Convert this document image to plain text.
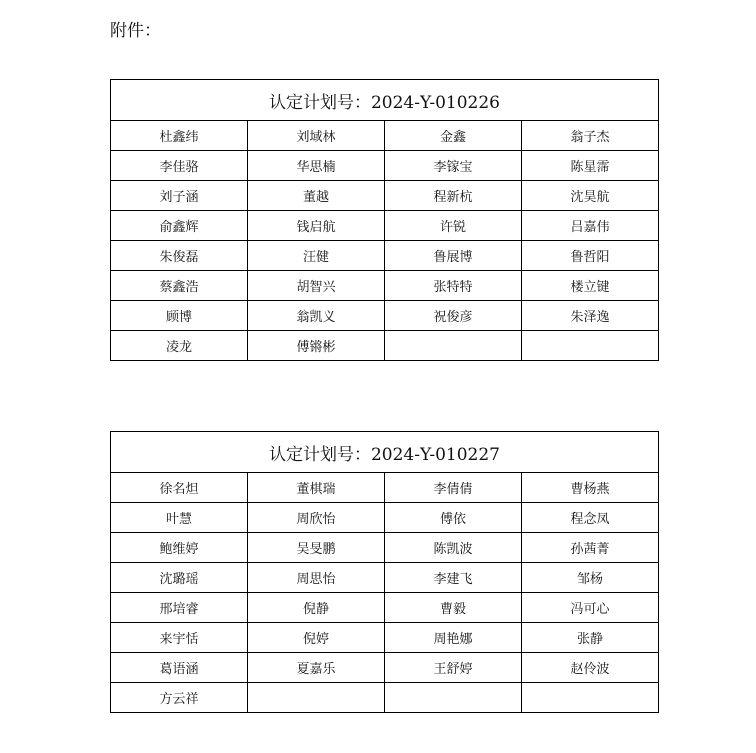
附件：
认定计划号：2024-Y-010226			
杜鑫纬	刘域林	金鑫	翁子杰
李佳骆	华思楠	李镓宝	陈星霈
刘子涵	董越	程新杭	沈昊航
俞鑫辉	钱启航	许锐	吕嘉伟
朱俊磊	汪健	鲁展博	鲁哲阳
蔡鑫浩	胡智兴	张特特	楼立键
顾博	翁凯义	祝俊彦	朱泽逸
凌龙	傅锵彬		
认定计划号：2024-Y-010227			
徐名炟	董棋瑞	李倩倩	曹杨燕
叶慧	周欣怡	傅依	程念凤
鲍维婷	吴旻鹏	陈凯波	孙茜菁
沈璐瑶	周思怡	李建飞	邹杨
邢培睿	倪静	曹毅	冯可心
来宇恬	倪婷	周艳娜	张静
葛语涵	夏嘉乐	王舒婷	赵伶波
方云祥			
